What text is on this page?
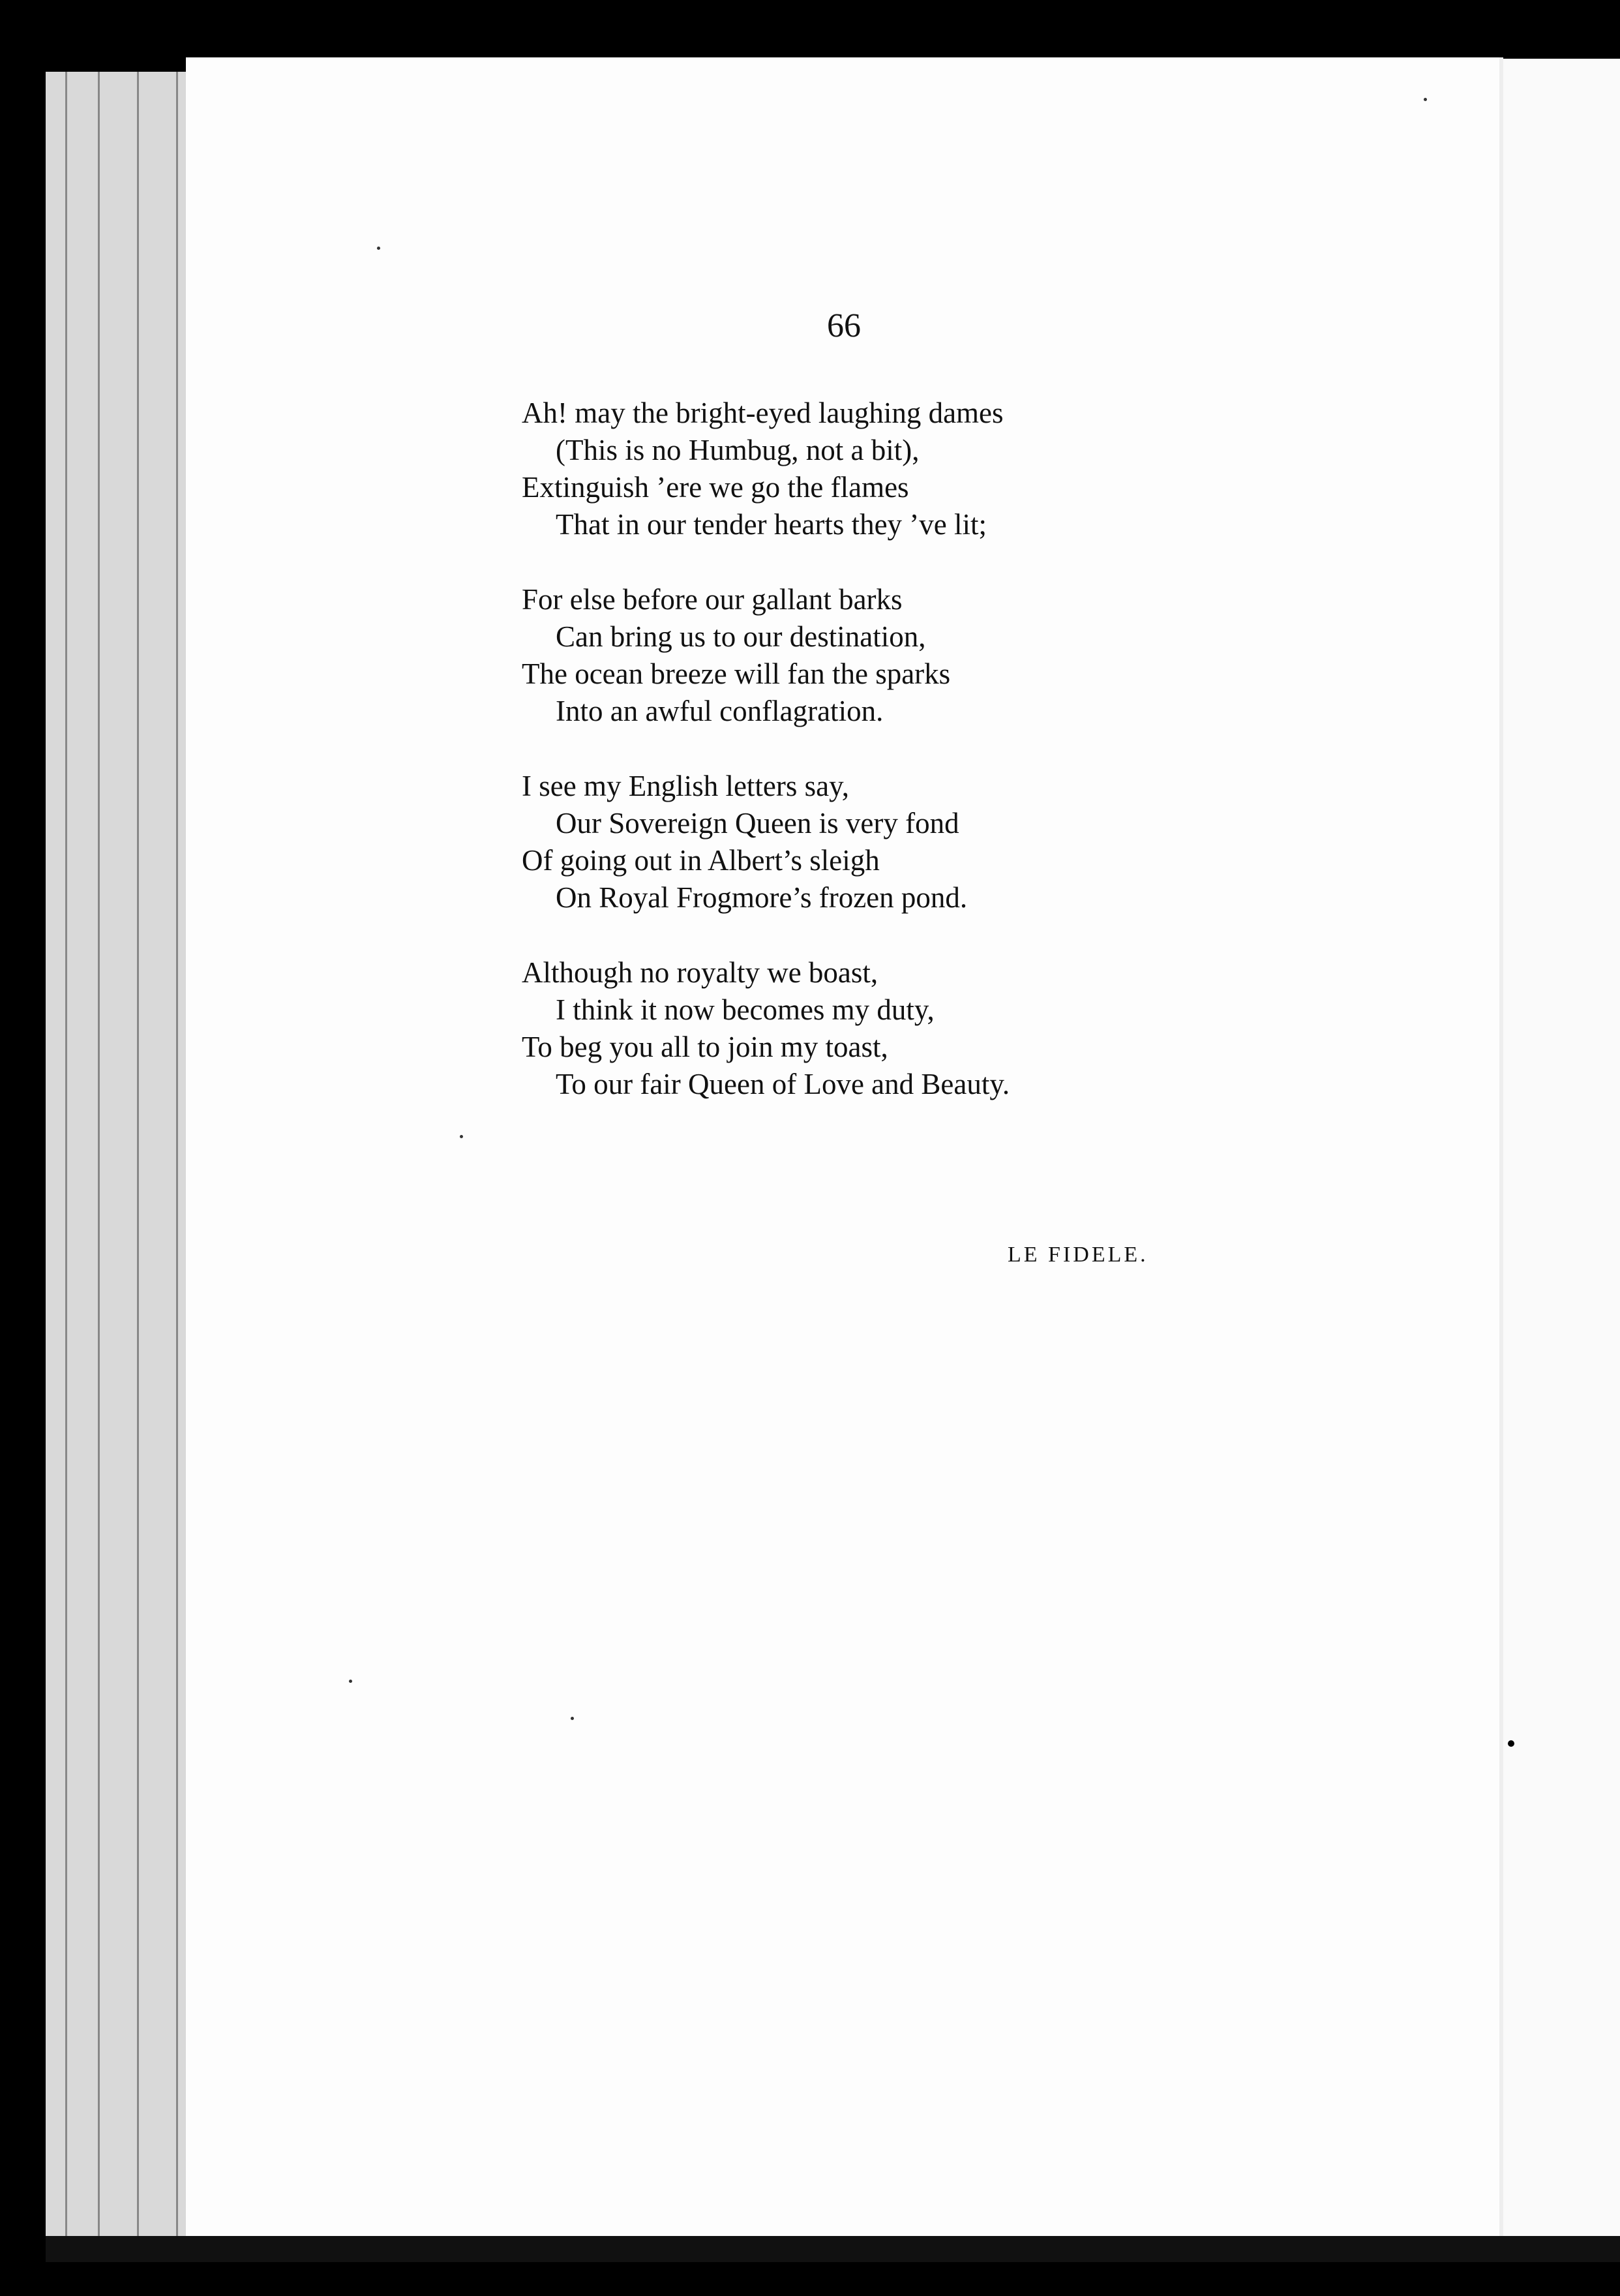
66
Ah! may the bright-eyed laughing dames
(This is no Humbug, not a bit),
Extinguish ’ere we go the flames
That in our tender hearts they ’ve lit;
For else before our gallant barks
Can bring us to our destination,
The ocean breeze will fan the sparks
Into an awful conflagration.
I see my English letters say,
Our Sovereign Queen is very fond
Of going out in Albert’s sleigh
On Royal Frogmore’s frozen pond.
Although no royalty we boast,
I think it now becomes my duty,
To beg you all to join my toast,
To our fair Queen of Love and Beauty.
LE FIDELE.
